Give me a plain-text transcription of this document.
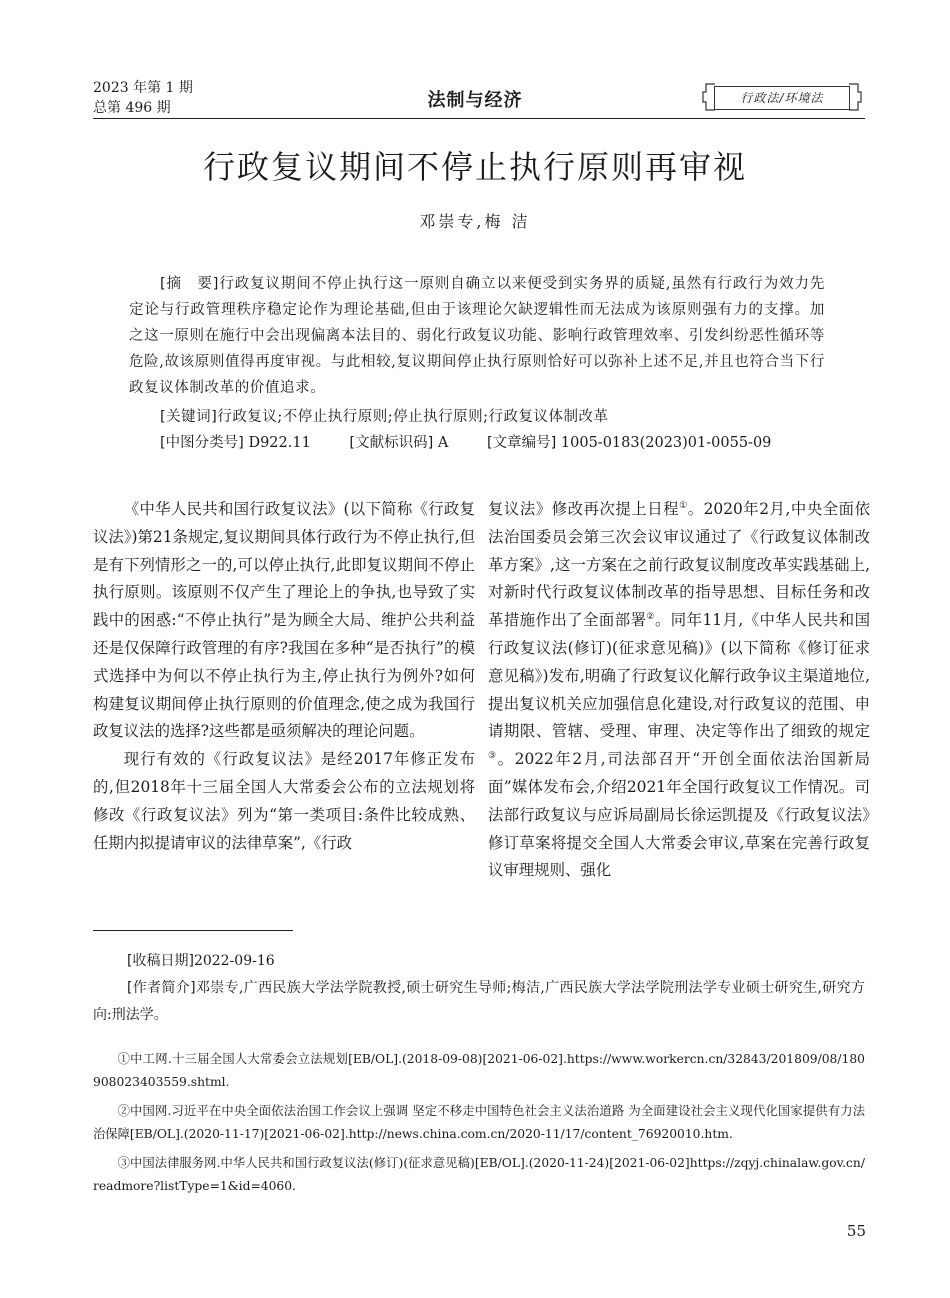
2023 年第 1 期
总第 496 期	法制与经济	行政法/环境法
行政复议期间不停止执行原则再审视
邓崇专,梅 洁
[摘　要]行政复议期间不停止执行这一原则自确立以来便受到实务界的质疑,虽然有行政行为效力先定论与行政管理秩序稳定论作为理论基础,但由于该理论欠缺逻辑性而无法成为该原则强有力的支撑。加之这一原则在施行中会出现偏离本法目的、弱化行政复议功能、影响行政管理效率、引发纠纷恶性循环等危险,故该原则值得再度审视。与此相较,复议期间停止执行原则恰好可以弥补上述不足,并且也符合当下行政复议体制改革的价值追求。
[关键词]行政复议;不停止执行原则;停止执行原则;行政复议体制改革
[中图分类号] D922.11	[文献标识码] A	[文章编号] 1005-0183(2023)01-0055-09

《中华人民共和国行政复议法》(以下简称《行政复议法》)第21条规定,复议期间具体行政行为不停止执行,但是有下列情形之一的,可以停止执行,此即复议期间不停止执行原则。该原则不仅产生了理论上的争执,也导致了实践中的困惑:“不停止执行”是为顾全大局、维护公共利益还是仅保障行政管理的有序?我国在多种“是否执行”的模式选择中为何以不停止执行为主,停止执行为例外?如何构建复议期间停止执行原则的价值理念,使之成为我国行政复议法的选择?这些都是亟须解决的理论问题。

现行有效的《行政复议法》是经2017年修正发布的,但2018年十三届全国人大常委会公布的立法规划将修改《行政复议法》列为“第一类项目:条件比较成熟、任期内拟提请审议的法律草案”,《行政

复议法》修改再次提上日程①。2020年2月,中央全面依法治国委员会第三次会议审议通过了《行政复议体制改革方案》,这一方案在之前行政复议制度改革实践基础上,对新时代行政复议体制改革的指导思想、目标任务和改革措施作出了全面部署②。同年11月,《中华人民共和国行政复议法(修订)(征求意见稿)》(以下简称《修订征求意见稿》)发布,明确了行政复议化解行政争议主渠道地位,提出复议机关应加强信息化建设,对行政复议的范围、申请期限、管辖、受理、审理、决定等作出了细致的规定③。2022年2月,司法部召开“开创全面依法治国新局面”媒体发布会,介绍2021年全国行政复议工作情况。司法部行政复议与应诉局副局长徐运凯提及《行政复议法》修订草案将提交全国人大常委会审议,草案在完善行政复议审理规则、强化

[收稿日期]2022-09-16

[作者简介]邓崇专,广西民族大学法学院教授,硕士研究生导师;梅洁,广西民族大学法学院刑法学专业硕士研究生,研究方向:刑法学。

①中工网.十三届全国人大常委会立法规划[EB/OL].(2018-09-08)[2021-06-02].https://www.workercn.cn/32843/201809/08/180908023403559.shtml.

②中国网.习近平在中央全面依法治国工作会议上强调 坚定不移走中国特色社会主义法治道路 为全面建设社会主义现代化国家提供有力法治保障[EB/OL].(2020-11-17)[2021-06-02].http://news.china.com.cn/2020-11/17/content_76920010.htm.

③中国法律服务网.中华人民共和国行政复议法(修订)(征求意见稿)[EB/OL].(2020-11-24)[2021-06-02]https://zqyj.chinalaw.gov.cn/readmore?listType=1&id=4060.

55
